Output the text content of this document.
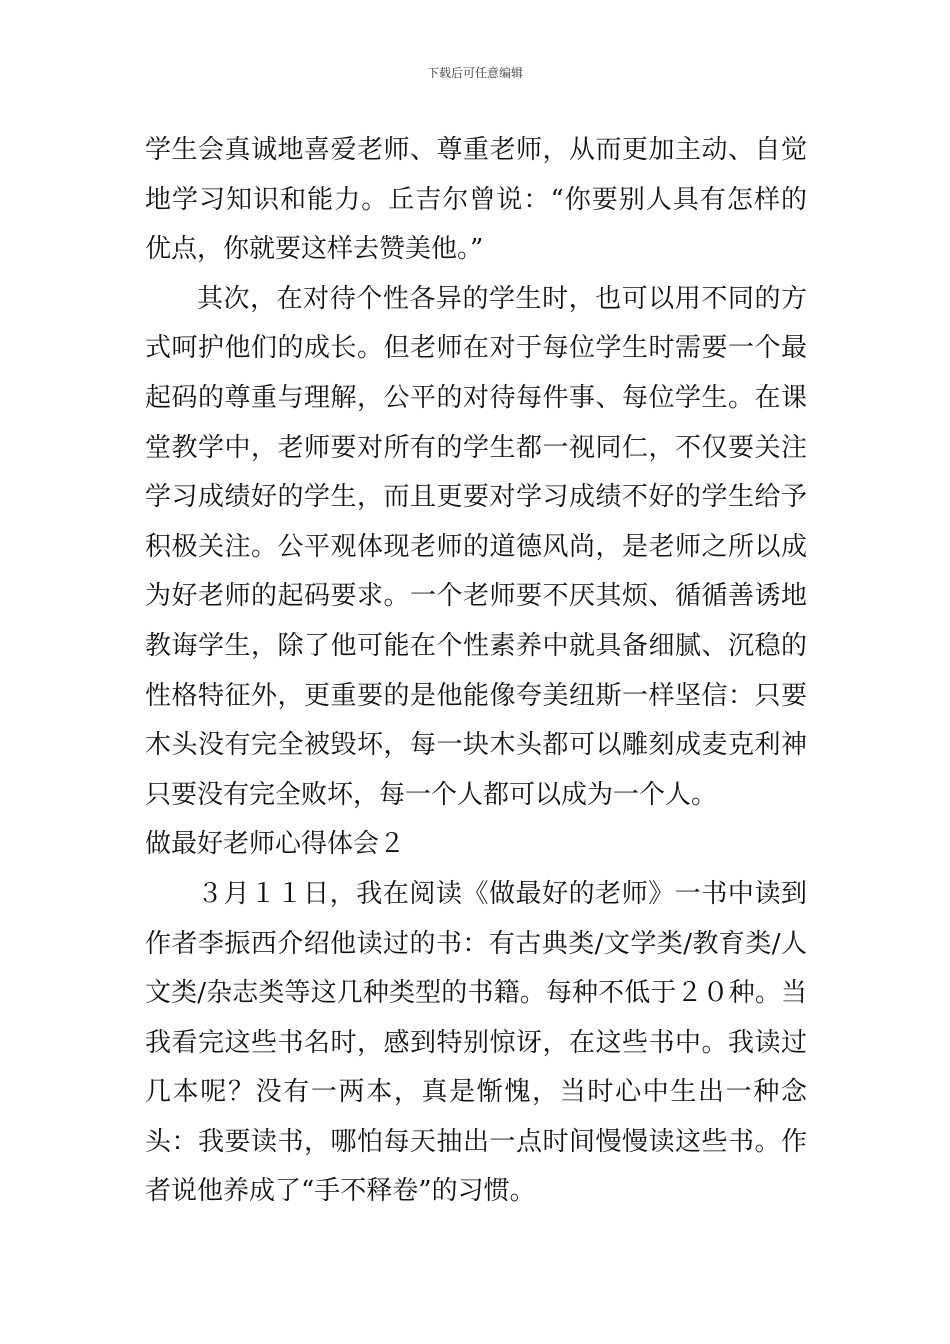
下载后可任意编辑

学生会真诚地喜爱老师、尊重老师，从而更加主动、自觉地学习知识和能力。丘吉尔曾说：“你要别人具有怎样的优点，你就要这样去赞美他。”

其次，在对待个性各异的学生时，也可以用不同的方式呵护他们的成长。但老师在对于每位学生时需要一个最起码的尊重与理解，公平的对待每件事、每位学生。在课堂教学中，老师要对所有的学生都一视同仁，不仅要关注学习成绩好的学生，而且更要对学习成绩不好的学生给予积极关注。公平观体现老师的道德风尚，是老师之所以成为好老师的起码要求。一个老师要不厌其烦、循循善诱地教诲学生，除了他可能在个性素养中就具备细腻、沉稳的性格特征外，更重要的是他能像夸美纽斯一样坚信：只要木头没有完全被毁坏，每一块木头都可以雕刻成麦克利神只要没有完全败坏，每一个人都可以成为一个人。

做最好老师心得体会２

３月１１日，我在阅读《做最好的老师》一书中读到作者李振西介绍他读过的书：有古典类/文学类/教育类/人文类/杂志类等这几种类型的书籍。每种不低于２０种。当我看完这些书名时，感到特别惊讶，在这些书中。我读过几本呢？没有一两本，真是惭愧，当时心中生出一种念头：我要读书，哪怕每天抽出一点时间慢慢读这些书。作者说他养成了“手不释卷”的习惯。
